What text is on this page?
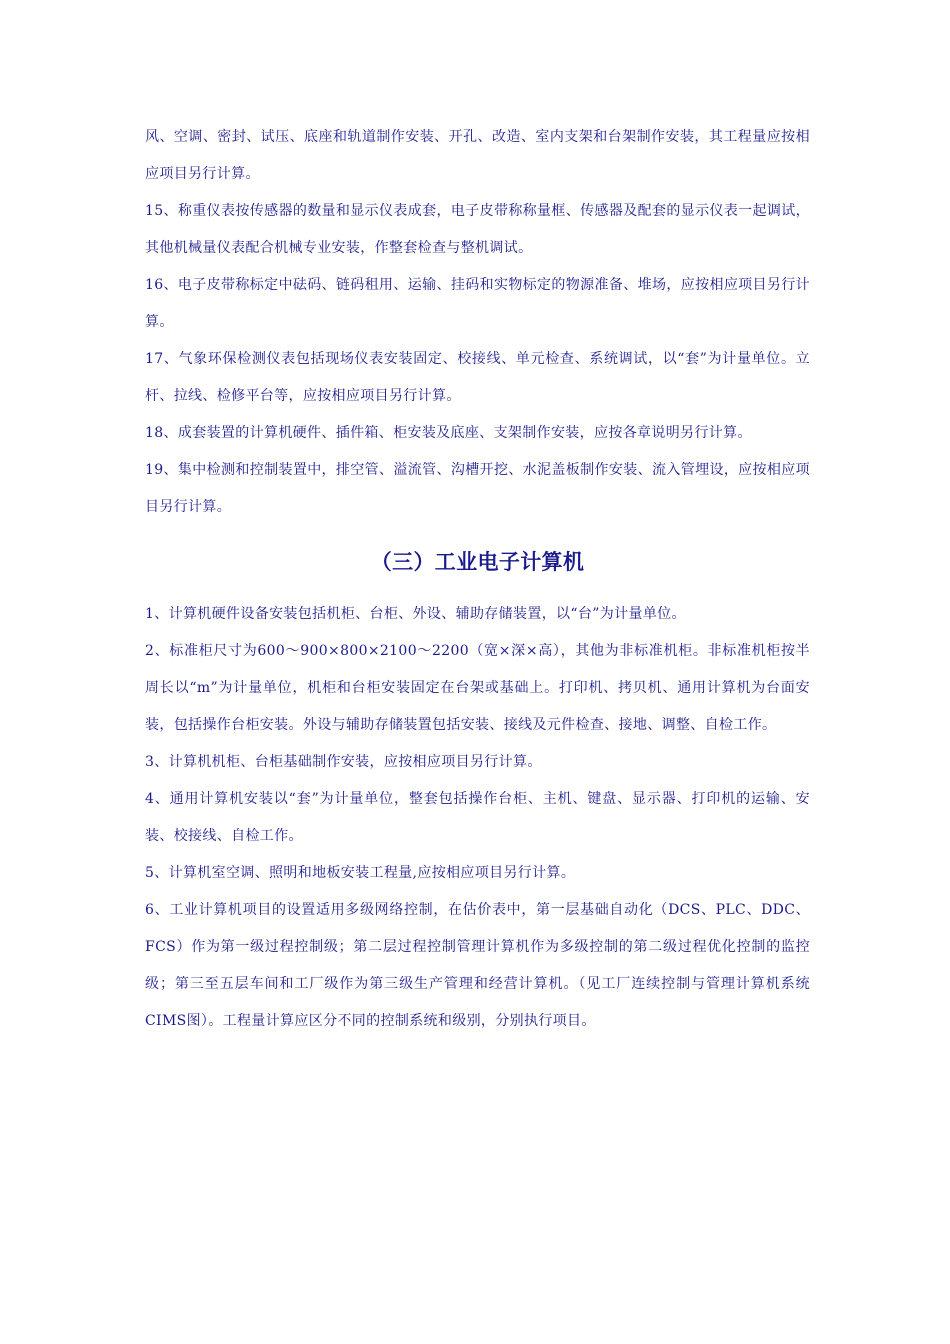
风、空调、密封、试压、底座和轨道制作安装、开孔、改造、室内支架和台架制作安装，其工程量应按相应项目另行计算。

15、称重仪表按传感器的数量和显示仪表成套，电子皮带称称量框、传感器及配套的显示仪表一起调试，其他机械量仪表配合机械专业安装，作整套检查与整机调试。

16、电子皮带称标定中砝码、链码租用、运输、挂码和实物标定的物源准备、堆场，应按相应项目另行计算。

17、气象环保检测仪表包括现场仪表安装固定、校接线、单元检查、系统调试，以“套”为计量单位。立杆、拉线、检修平台等，应按相应项目另行计算。

18、成套装置的计算机硬件、插件箱、柜安装及底座、支架制作安装，应按各章说明另行计算。

19、集中检测和控制装置中，排空管、溢流管、沟槽开挖、水泥盖板制作安装、流入管埋设，应按相应项目另行计算。

（三）工业电子计算机

1、计算机硬件设备安装包括机柜、台柜、外设、辅助存储装置，以“台”为计量单位。

2、标准柜尺寸为600～900×800×2100～2200（宽×深×高），其他为非标准机柜。非标准机柜按半周长以“m”为计量单位，机柜和台柜安装固定在台架或基础上。打印机、拷贝机、通用计算机为台面安装，包括操作台柜安装。外设与辅助存储装置包括安装、接线及元件检查、接地、调整、自检工作。

3、计算机机柜、台柜基础制作安装，应按相应项目另行计算。

4、通用计算机安装以“套”为计量单位，整套包括操作台柜、主机、键盘、显示器、打印机的运输、安装、校接线、自检工作。

5、计算机室空调、照明和地板安装工程量,应按相应项目另行计算。

6、工业计算机项目的设置适用多级网络控制，在估价表中，第一层基础自动化（DCS、PLC、DDC、FCS）作为第一级过程控制级；第二层过程控制管理计算机作为多级控制的第二级过程优化控制的监控级；第三至五层车间和工厂级作为第三级生产管理和经营计算机。（见工厂连续控制与管理计算机系统CIMS图）。工程量计算应区分不同的控制系统和级别，分别执行项目。
